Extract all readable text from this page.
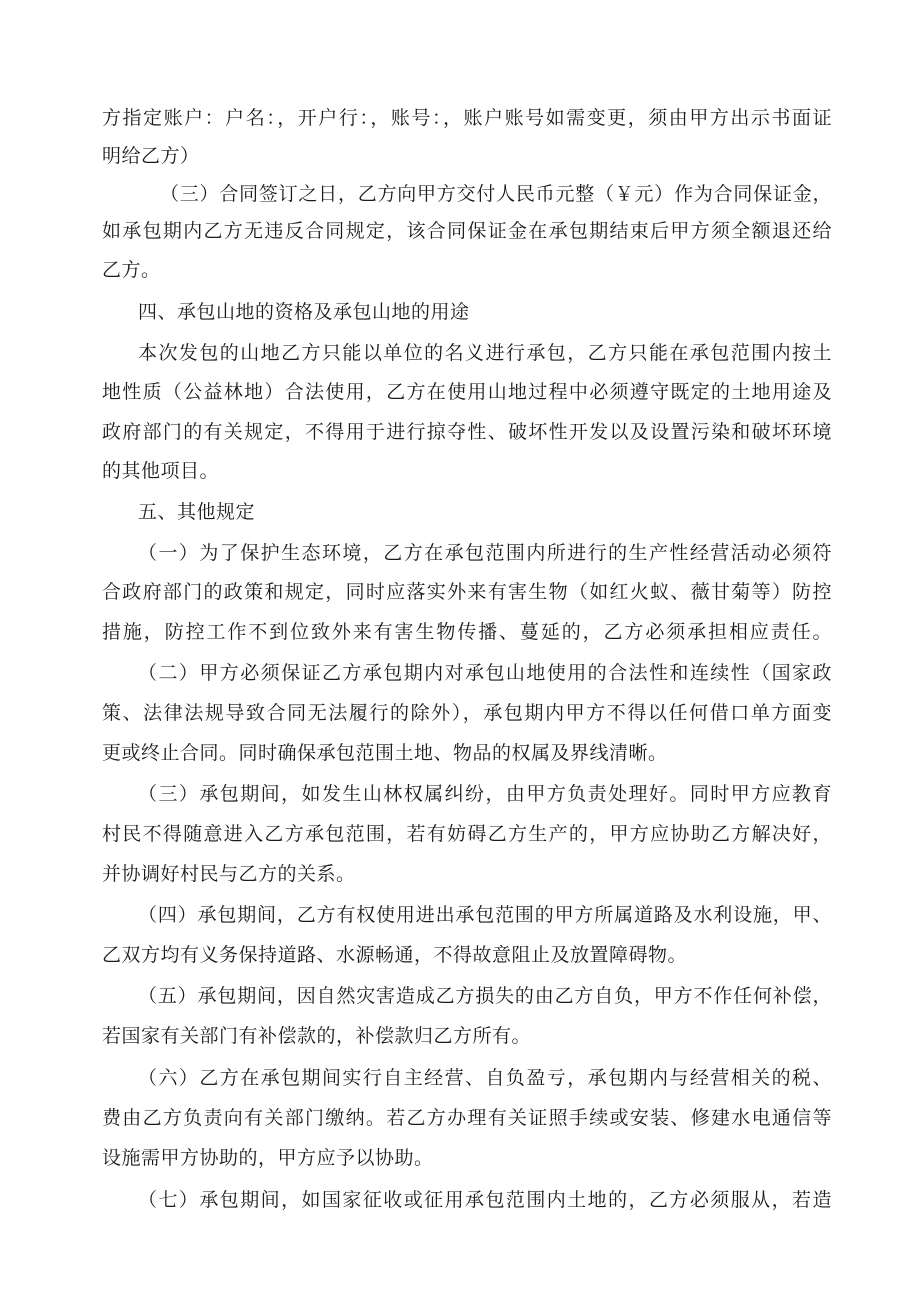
方指定账户：户名：，开户行：，账号：，账户账号如需变更，须由甲方出示书面证
明给乙方）
（三）合同签订之日，乙方向甲方交付人民币元整（￥元）作为合同保证金，
如承包期内乙方无违反合同规定，该合同保证金在承包期结束后甲方须全额退还给
乙方。
四、承包山地的资格及承包山地的用途
本次发包的山地乙方只能以单位的名义进行承包，乙方只能在承包范围内按土
地性质（公益林地）合法使用，乙方在使用山地过程中必须遵守既定的土地用途及
政府部门的有关规定，不得用于进行掠夺性、破坏性开发以及设置污染和破坏环境
的其他项目。
五、其他规定
（一）为了保护生态环境，乙方在承包范围内所进行的生产性经营活动必须符
合政府部门的政策和规定，同时应落实外来有害生物（如红火蚁、薇甘菊等）防控
措施，防控工作不到位致外来有害生物传播、蔓延的，乙方必须承担相应责任。
（二）甲方必须保证乙方承包期内对承包山地使用的合法性和连续性（国家政
策、法律法规导致合同无法履行的除外），承包期内甲方不得以任何借口单方面变
更或终止合同。同时确保承包范围土地、物品的权属及界线清晰。
（三）承包期间，如发生山林权属纠纷，由甲方负责处理好。同时甲方应教育
村民不得随意进入乙方承包范围，若有妨碍乙方生产的，甲方应协助乙方解决好，
并协调好村民与乙方的关系。
（四）承包期间，乙方有权使用进出承包范围的甲方所属道路及水利设施，甲、
乙双方均有义务保持道路、水源畅通，不得故意阻止及放置障碍物。
（五）承包期间，因自然灾害造成乙方损失的由乙方自负，甲方不作任何补偿，
若国家有关部门有补偿款的，补偿款归乙方所有。
（六）乙方在承包期间实行自主经营、自负盈亏，承包期内与经营相关的税、
费由乙方负责向有关部门缴纳。若乙方办理有关证照手续或安装、修建水电通信等
设施需甲方协助的，甲方应予以协助。
（七）承包期间，如国家征收或征用承包范围内土地的，乙方必须服从，若造
